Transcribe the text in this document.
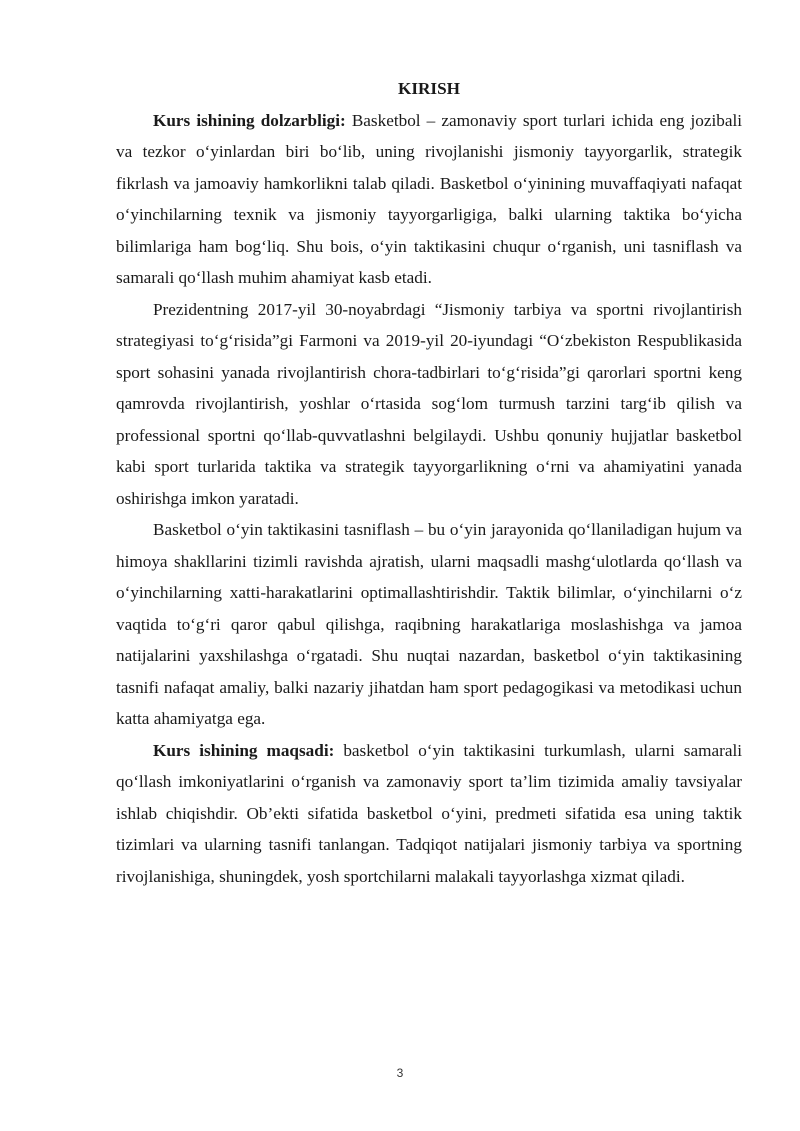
KIRISH

Kurs ishining dolzarbligi: Basketbol – zamonaviy sport turlari ichida eng jozibali va tezkor o‘yinlardan biri bo‘lib, uning rivojlanishi jismoniy tayyorgarlik, strategik fikrlash va jamoaviy hamkorlikni talab qiladi. Basketbol o‘yinining muvaffaqiyati nafaqat o‘yinchilarning texnik va jismoniy tayyorgarligiga, balki ularning taktika bo‘yicha bilimlariga ham bog‘liq. Shu bois, o‘yin taktikasini chuqur o‘rganish, uni tasniflash va samarali qo‘llash muhim ahamiyat kasb etadi.

Prezidentning 2017-yil 30-noyabrdagi “Jismoniy tarbiya va sportni rivojlantirish strategiyasi to‘g‘risida”gi Farmoni va 2019-yil 20-iyundagi “O‘zbekiston Respublikasida sport sohasini yanada rivojlantirish chora-tadbirlari to‘g‘risida”gi qarorlari sportni keng qamrovda rivojlantirish, yoshlar o‘rtasida sog‘lom turmush tarzini targ‘ib qilish va professional sportni qo‘llab-quvvatlashni belgilaydi. Ushbu qonuniy hujjatlar basketbol kabi sport turlarida taktika va strategik tayyorgarlikning o‘rni va ahamiyatini yanada oshirishga imkon yaratadi.

Basketbol o‘yin taktikasini tasniflash – bu o‘yin jarayonida qo‘llaniladigan hujum va himoya shakllarini tizimli ravishda ajratish, ularni maqsadli mashg‘ulotlarda qo‘llash va o‘yinchilarning xatti-harakatlarini optimallashtirishdir. Taktik bilimlar, o‘yinchilarni o‘z vaqtida to‘g‘ri qaror qabul qilishga, raqibning harakatlariga moslashishga va jamoa natijalarini yaxshilashga o‘rgatadi. Shu nuqtai nazardan, basketbol o‘yin taktikasining tasnifi nafaqat amaliy, balki nazariy jihatdan ham sport pedagogikasi va metodikasi uchun katta ahamiyatga ega.

Kurs ishining maqsadi: basketbol o‘yin taktikasini turkumlash, ularni samarali qo‘llash imkoniyatlarini o‘rganish va zamonaviy sport ta’lim tizimida amaliy tavsiyalar ishlab chiqishdir. Ob’ekti sifatida basketbol o‘yini, predmeti sifatida esa uning taktik tizimlari va ularning tasnifi tanlangan. Tadqiqot natijalari jismoniy tarbiya va sportning rivojlanishiga, shuningdek, yosh sportchilarni malakali tayyorlashga xizmat qiladi.

3
